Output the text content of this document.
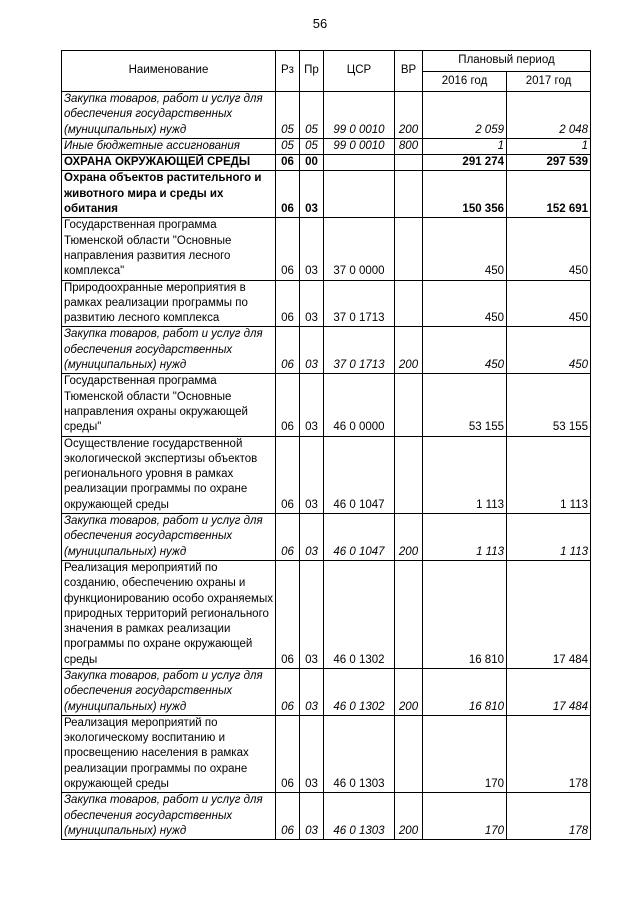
56
Наименование	Рз	Пр	ЦСР	ВР	Плановый период	
					2016 год	2017 год
Закупка товаров, работ и услуг для обеспечения государственных (муниципальных) нужд	05	05	99 0 0010	200	2 059	2 048
Иные бюджетные ассигнования	05	05	99 0 0010	800	1	1
ОХРАНА ОКРУЖАЮЩЕЙ СРЕДЫ	06	00			291 274	297 539
Охрана объектов растительного и животного мира и среды их обитания	06	03			150 356	152 691
Государственная программа Тюменской области "Основные направления развития лесного комплекса"	06	03	37 0 0000		450	450
Природоохранные мероприятия в рамках реализации программы по развитию лесного комплекса	06	03	37 0 1713		450	450
Закупка товаров, работ и услуг для обеспечения государственных (муниципальных) нужд	06	03	37 0 1713	200	450	450
Государственная программа Тюменской области "Основные направления охраны окружающей среды"	06	03	46 0 0000		53 155	53 155
Осуществление государственной экологической экспертизы объектов регионального уровня в рамках реализации программы по охране окружающей среды	06	03	46 0 1047		1 113	1 113
Закупка товаров, работ и услуг для обеспечения государственных (муниципальных) нужд	06	03	46 0 1047	200	1 113	1 113
Реализация мероприятий по созданию, обеспечению охраны и функционированию особо охраняемых природных территорий регионального значения в рамках реализации программы по охране окружающей среды	06	03	46 0 1302		16 810	17 484
Закупка товаров, работ и услуг для обеспечения государственных (муниципальных) нужд	06	03	46 0 1302	200	16 810	17 484
Реализация мероприятий по экологическому воспитанию и просвещению населения в рамках реализации программы по охране окружающей среды	06	03	46 0 1303		170	178
Закупка товаров, работ и услуг для обеспечения государственных (муниципальных) нужд	06	03	46 0 1303	200	170	178
